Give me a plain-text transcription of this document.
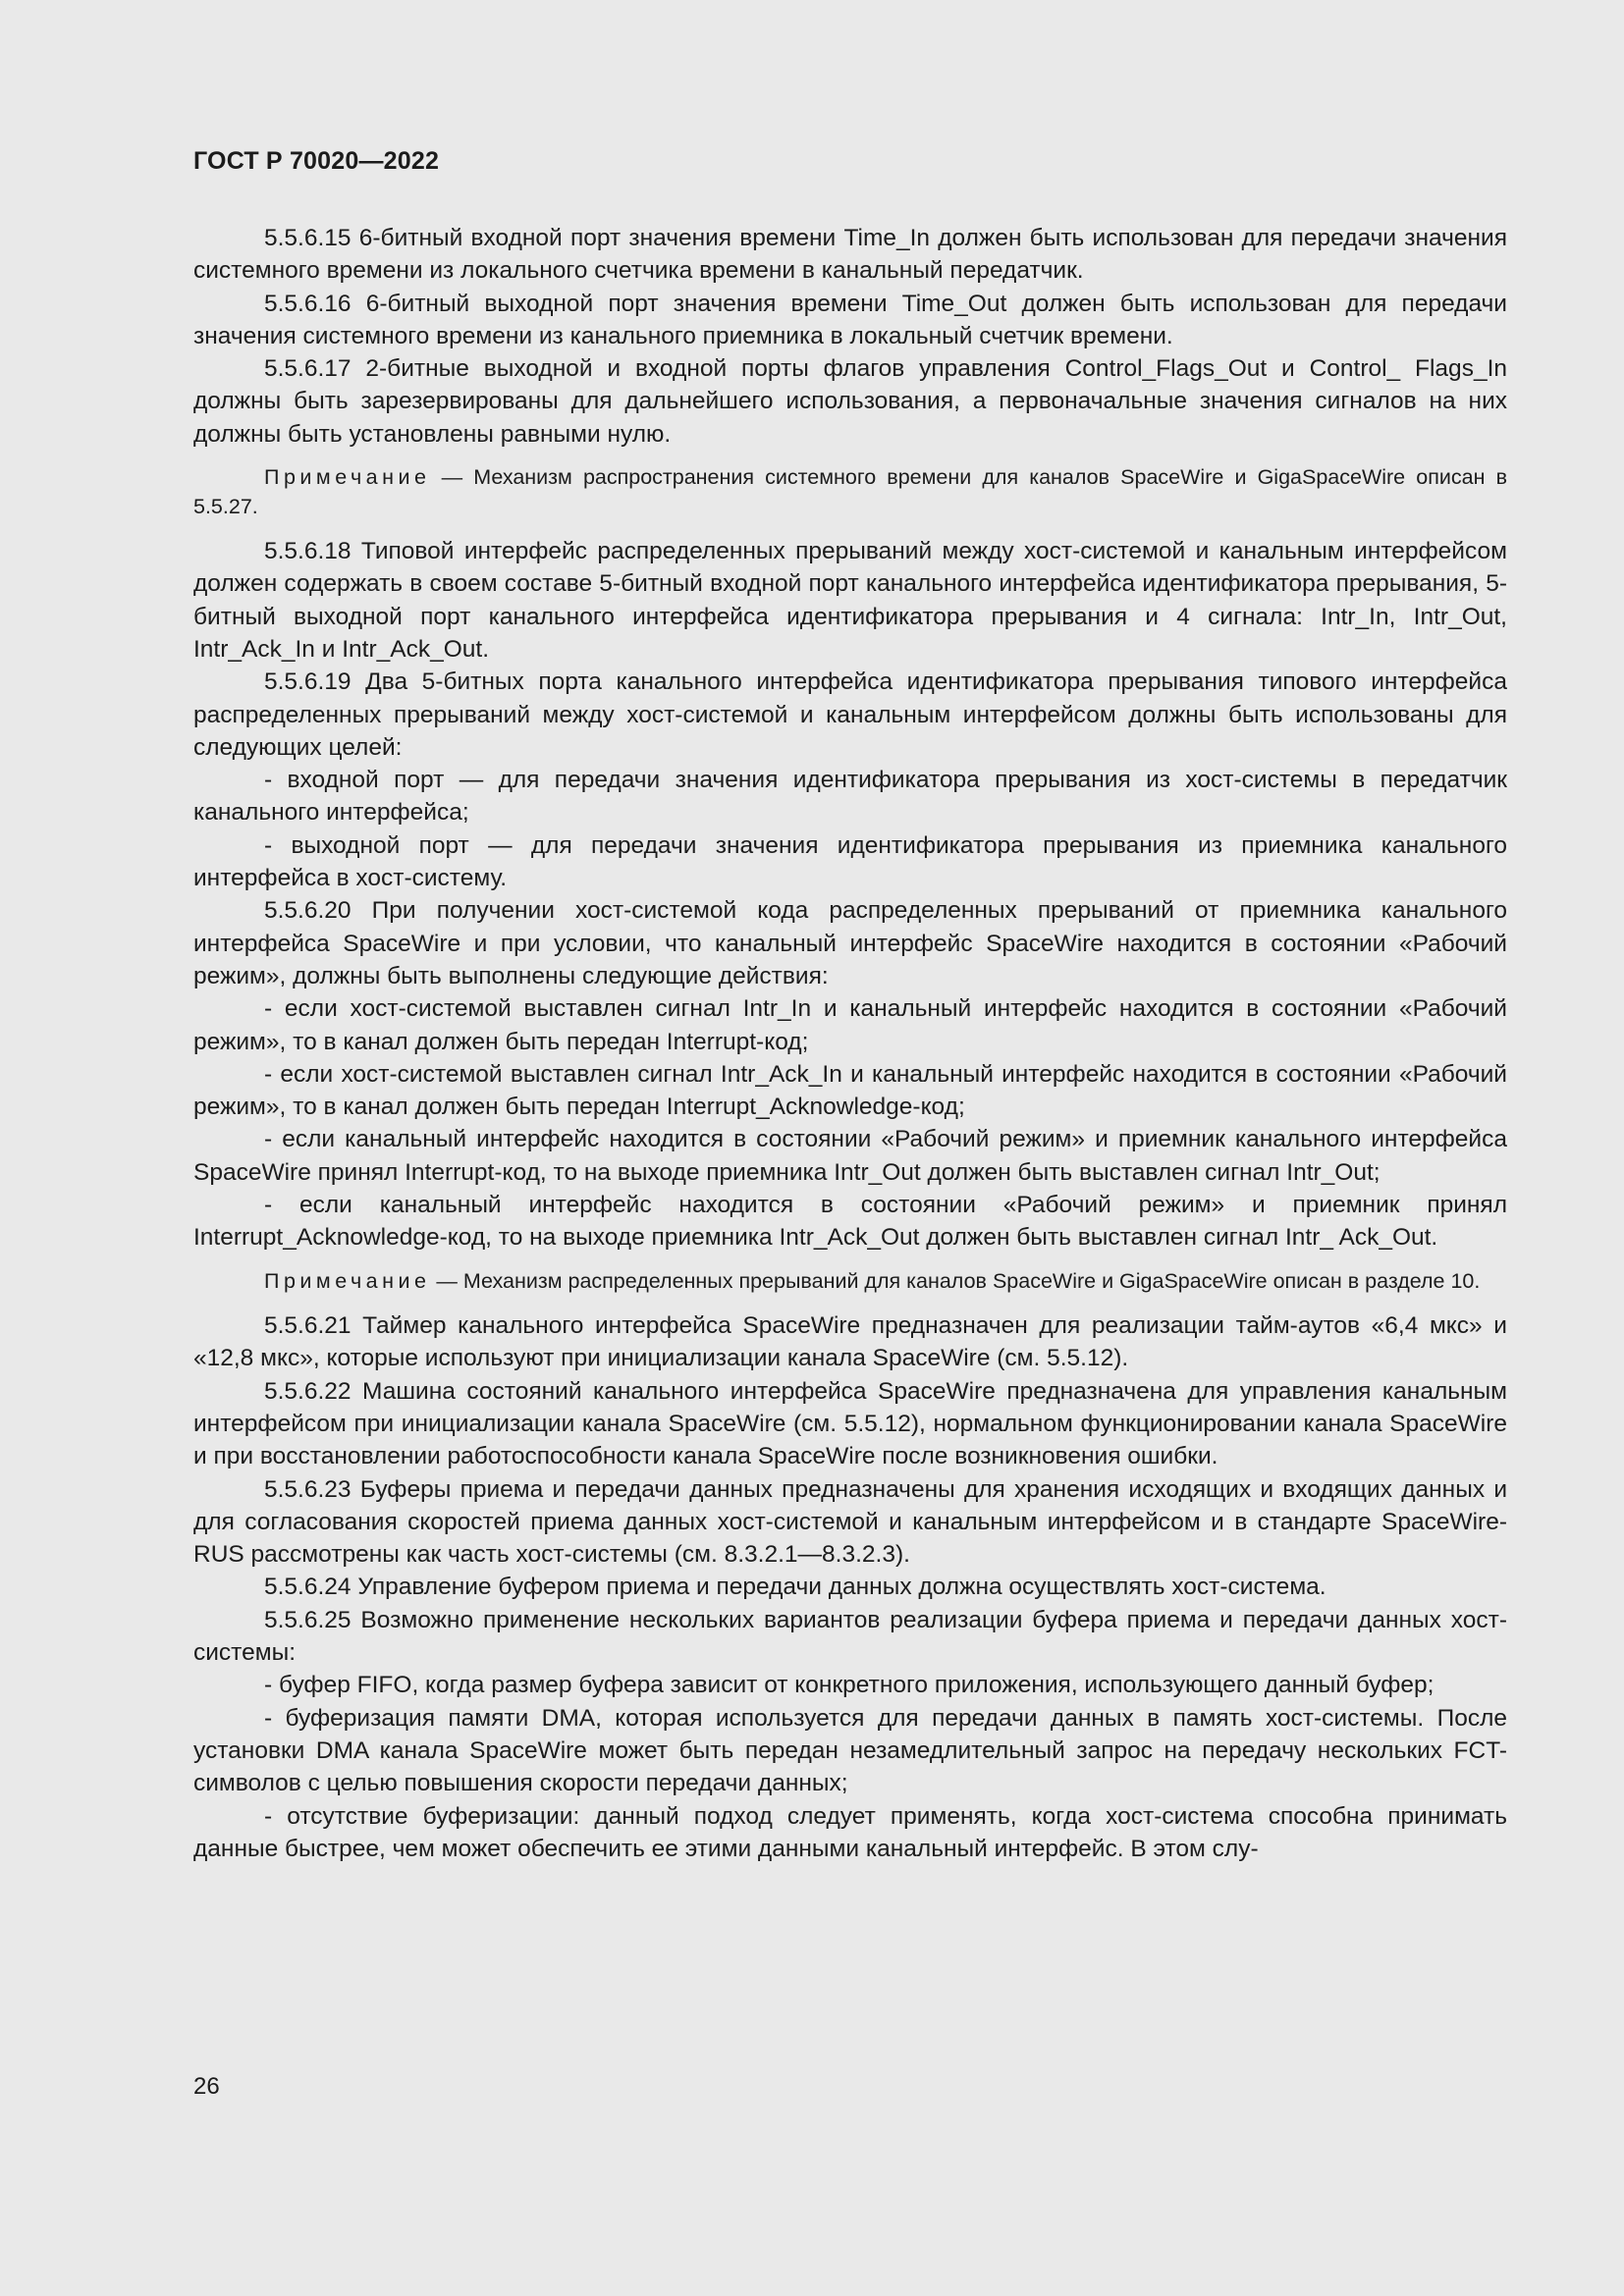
ГОСТ Р 70020—2022

5.5.6.15 6-битный входной порт значения времени Time_In должен быть использован для передачи значения системного времени из локального счетчика времени в канальный передатчик.

5.5.6.16 6-битный выходной порт значения времени Time_Out должен быть использован для передачи значения системного времени из канального приемника в локальный счетчик времени.

5.5.6.17 2-битные выходной и входной порты флагов управления Control_Flags_Out и Control_ Flags_In должны быть зарезервированы для дальнейшего использования, а первоначальные значения сигналов на них должны быть установлены равными нулю.

Примечание — Механизм распространения системного времени для каналов SpaceWire и GigaSpaceWire описан в 5.5.27.

5.5.6.18 Типовой интерфейс распределенных прерываний между хост-системой и канальным интерфейсом должен содержать в своем составе 5-битный входной порт канального интерфейса идентификатора прерывания, 5-битный выходной порт канального интерфейса идентификатора прерывания и 4 сигнала: Intr_In, Intr_Out, Intr_Ack_In и Intr_Ack_Out.

5.5.6.19 Два 5-битных порта канального интерфейса идентификатора прерывания типового интерфейса распределенных прерываний между хост-системой и канальным интерфейсом должны быть использованы для следующих целей:

- входной порт — для передачи значения идентификатора прерывания из хост-системы в передатчик канального интерфейса;

- выходной порт — для передачи значения идентификатора прерывания из приемника канального интерфейса в хост-систему.

5.5.6.20 При получении хост-системой кода распределенных прерываний от приемника канального интерфейса SpaceWire и при условии, что канальный интерфейс SpaceWire находится в состоянии «Рабочий режим», должны быть выполнены следующие действия:

- если хост-системой выставлен сигнал Intr_In и канальный интерфейс находится в состоянии «Рабочий режим», то в канал должен быть передан Interrupt-код;

- если хост-системой выставлен сигнал Intr_Ack_In и канальный интерфейс находится в состоянии «Рабочий режим», то в канал должен быть передан Interrupt_Acknowledge-код;

- если канальный интерфейс находится в состоянии «Рабочий режим» и приемник канального интерфейса SpaceWire принял Interrupt-код, то на выходе приемника Intr_Out должен быть выставлен сигнал Intr_Out;

- если канальный интерфейс находится в состоянии «Рабочий режим» и приемник принял Interrupt_Acknowledge-код, то на выходе приемника Intr_Ack_Out должен быть выставлен сигнал Intr_ Ack_Out.

Примечание — Механизм распределенных прерываний для каналов SpaceWire и GigaSpaceWire описан в разделе 10.

5.5.6.21 Таймер канального интерфейса SpaceWire предназначен для реализации тайм-аутов «6,4 мкс» и «12,8 мкс», которые используют при инициализации канала SpaceWire (см. 5.5.12).

5.5.6.22 Машина состояний канального интерфейса SpaceWire предназначена для управления канальным интерфейсом при инициализации канала SpaceWire (см. 5.5.12), нормальном функционировании канала SpaceWire и при восстановлении работоспособности канала SpaceWire после возникновения ошибки.

5.5.6.23 Буферы приема и передачи данных предназначены для хранения исходящих и входящих данных и для согласования скоростей приема данных хост-системой и канальным интерфейсом и в стандарте SpaceWire-RUS рассмотрены как часть хост-системы (см. 8.3.2.1—8.3.2.3).

5.5.6.24 Управление буфером приема и передачи данных должна осуществлять хост-система.

5.5.6.25 Возможно применение нескольких вариантов реализации буфера приема и передачи данных хост-системы:

- буфер FIFO, когда размер буфера зависит от конкретного приложения, использующего данный буфер;

- буферизация памяти DMA, которая используется для передачи данных в память хост-системы. После установки DMA канала SpaceWire может быть передан незамедлительный запрос на передачу нескольких FCT-символов с целью повышения скорости передачи данных;

- отсутствие буферизации: данный подход следует применять, когда хост-система способна принимать данные быстрее, чем может обеспечить ее этими данными канальный интерфейс. В этом слу-

26
